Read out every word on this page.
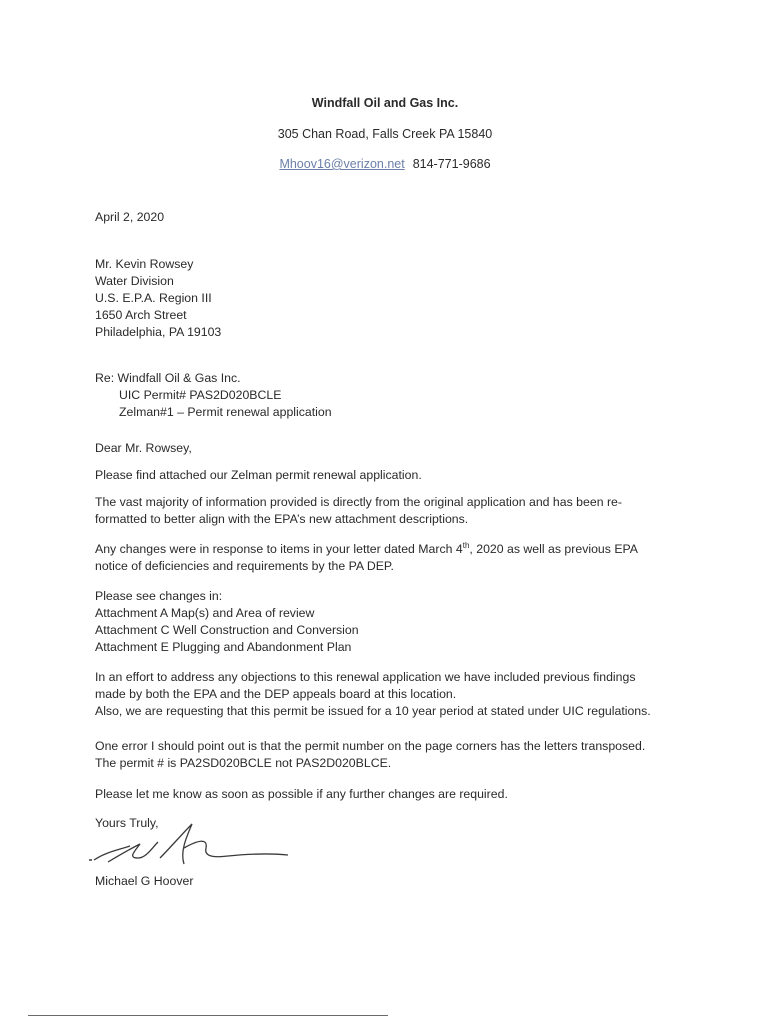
Windfall Oil and Gas Inc.
305 Chan Road, Falls Creek PA 15840
Mhoov16@verizon.net 814-771-9686
April 2, 2020
Mr. Kevin Rowsey
Water Division
U.S. E.P.A. Region III
1650 Arch Street
Philadelphia, PA 19103
Re: Windfall Oil & Gas Inc.
UIC Permit# PAS2D020BCLE
Zelman#1 – Permit renewal application
Dear Mr. Rowsey,
Please find attached our Zelman permit renewal application.
The vast majority of information provided is directly from the original application and has been re-
formatted to better align with the EPA’s new attachment descriptions.
Any changes were in response to items in your letter dated March 4th, 2020 as well as previous EPA
notice of deficiencies and requirements by the PA DEP.
Please see changes in:
Attachment A Map(s) and Area of review
Attachment C Well Construction and Conversion
Attachment E Plugging and Abandonment Plan
In an effort to address any objections to this renewal application we have included previous findings
made by both the EPA and the DEP appeals board at this location.
Also, we are requesting that this permit be issued for a 10 year period at stated under UIC regulations.
One error I should point out is that the permit number on the page corners has the letters transposed.
The permit # is PA2SD020BCLE not PAS2D020BLCE.
Please let me know as soon as possible if any further changes are required.
Yours Truly,
Michael G Hoover
